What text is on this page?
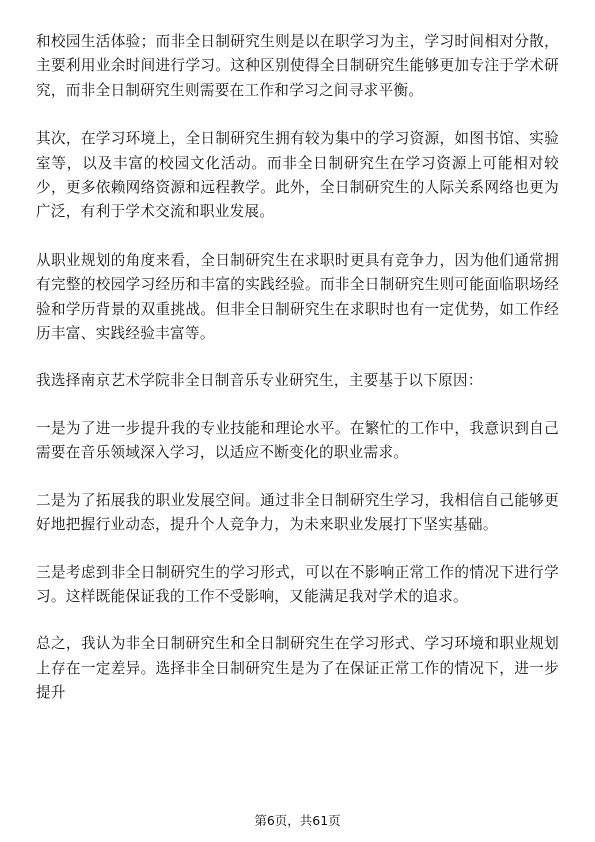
和校园生活体验；而非全日制研究生则是以在职学习为主，学习时间相对分散，主要利用业余时间进行学习。这种区别使得全日制研究生能够更加专注于学术研究，而非全日制研究生则需要在工作和学习之间寻求平衡。

其次，在学习环境上，全日制研究生拥有较为集中的学习资源，如图书馆、实验室等，以及丰富的校园文化活动。而非全日制研究生在学习资源上可能相对较少，更多依赖网络资源和远程教学。此外，全日制研究生的人际关系网络也更为广泛，有利于学术交流和职业发展。

从职业规划的角度来看，全日制研究生在求职时更具有竞争力，因为他们通常拥有完整的校园学习经历和丰富的实践经验。而非全日制研究生则可能面临职场经验和学历背景的双重挑战。但非全日制研究生在求职时也有一定优势，如工作经历丰富、实践经验丰富等。

我选择南京艺术学院非全日制音乐专业研究生，主要基于以下原因：

一是为了进一步提升我的专业技能和理论水平。在繁忙的工作中，我意识到自己需要在音乐领域深入学习，以适应不断变化的职业需求。

二是为了拓展我的职业发展空间。通过非全日制研究生学习，我相信自己能够更好地把握行业动态，提升个人竞争力，为未来职业发展打下坚实基础。

三是考虑到非全日制研究生的学习形式，可以在不影响正常工作的情况下进行学习。这样既能保证我的工作不受影响，又能满足我对学术的追求。

总之，我认为非全日制研究生和全日制研究生在学习形式、学习环境和职业规划上存在一定差异。选择非全日制研究生是为了在保证正常工作的情况下，进一步提升

第6页，共61页
